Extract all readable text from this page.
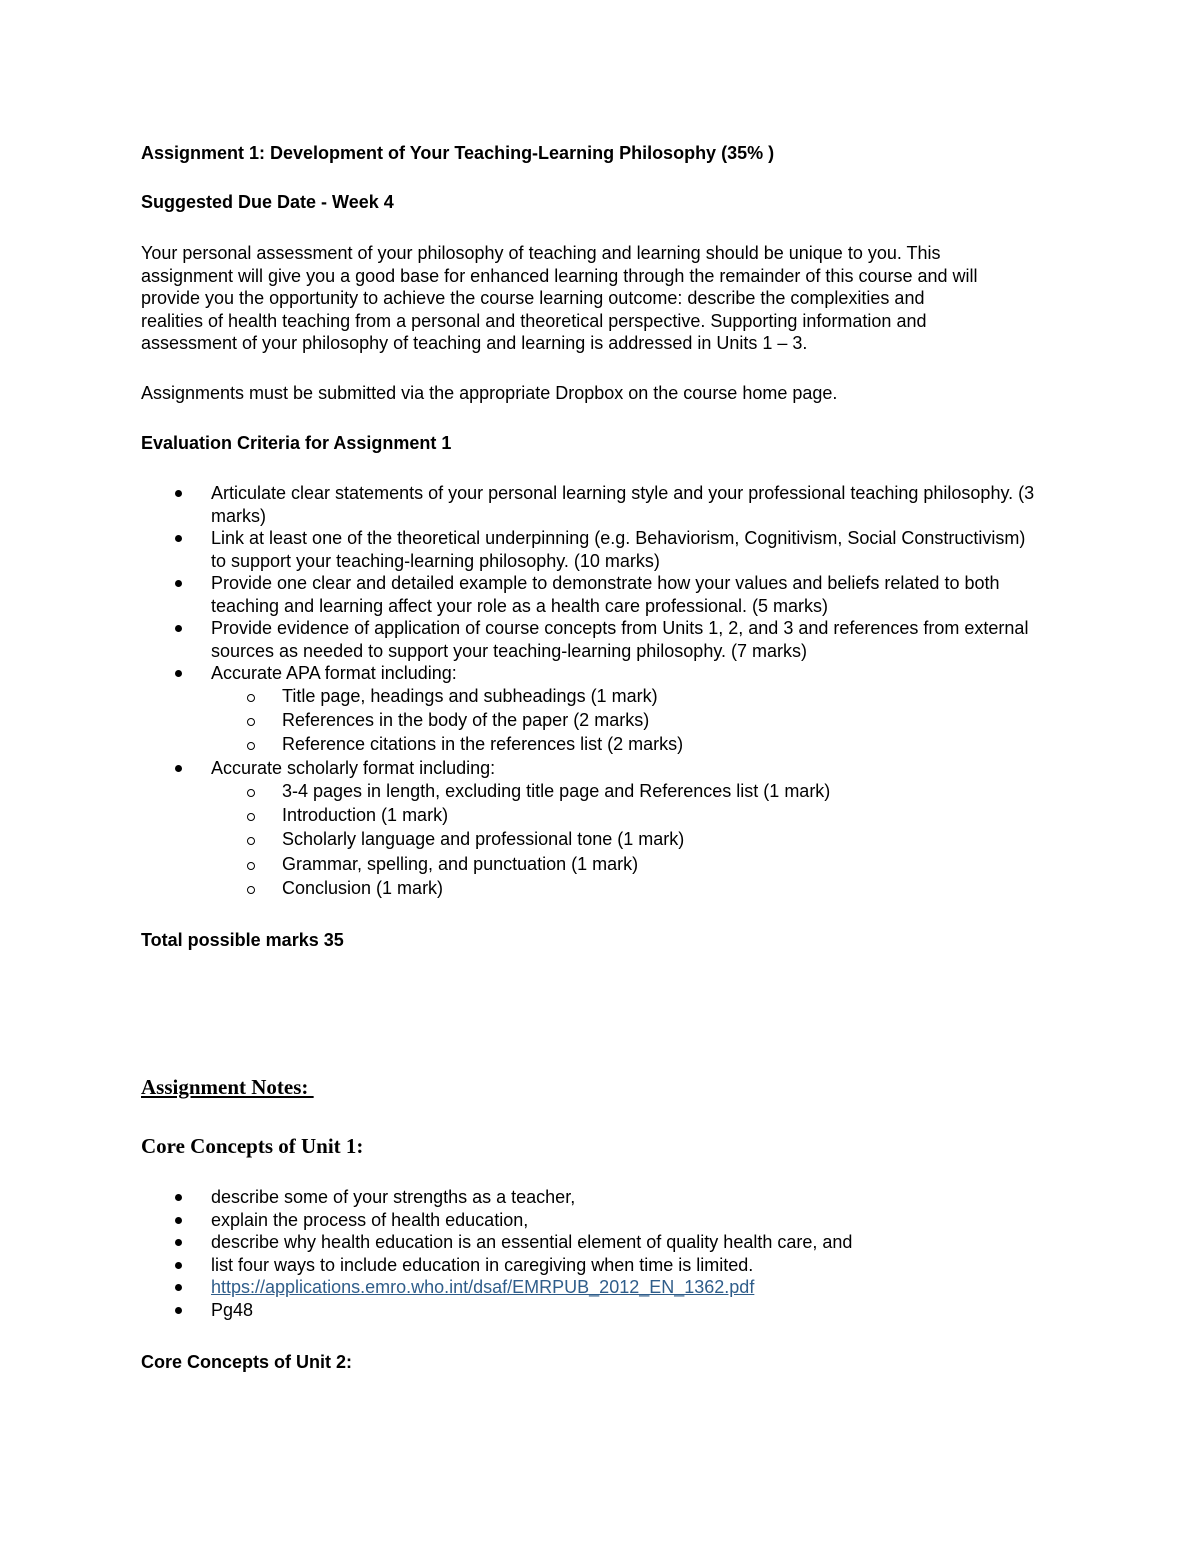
Assignment 1: Development of Your Teaching-Learning Philosophy (35% )

Suggested Due Date - Week 4

Your personal assessment of your philosophy of teaching and learning should be unique to you. This
assignment will give you a good base for enhanced learning through the remainder of this course and will
provide you the opportunity to achieve the course learning outcome: describe the complexities and
realities of health teaching from a personal and theoretical perspective. Supporting information and
assessment of your philosophy of teaching and learning is addressed in Units 1 – 3.

Assignments must be submitted via the appropriate Dropbox on the course home page.

Evaluation Criteria for Assignment 1

Articulate clear statements of your personal learning style and your professional teaching philosophy. (3 marks)
Link at least one of the theoretical underpinning (e.g. Behaviorism, Cognitivism, Social Constructivism) to support your teaching-learning philosophy. (10 marks)
Provide one clear and detailed example to demonstrate how your values and beliefs related to both teaching and learning affect your role as a health care professional. (5 marks)
Provide evidence of application of course concepts from Units 1, 2, and 3 and references from external sources as needed to support your teaching-learning philosophy. (7 marks)
Accurate APA format including:
Title page, headings and subheadings (1 mark)
References in the body of the paper (2 marks)
Reference citations in the references list (2 marks)
Accurate scholarly format including:
3-4 pages in length, excluding title page and References list (1 mark)
Introduction (1 mark)
Scholarly language and professional tone (1 mark)
Grammar, spelling, and punctuation (1 mark)
Conclusion (1 mark)

Total possible marks 35

Assignment Notes:

Core Concepts of Unit 1:

describe some of your strengths as a teacher,
explain the process of health education,
describe why health education is an essential element of quality health care, and
list four ways to include education in caregiving when time is limited.
https://applications.emro.who.int/dsaf/EMRPUB_2012_EN_1362.pdf
Pg48

Core Concepts of Unit 2:
